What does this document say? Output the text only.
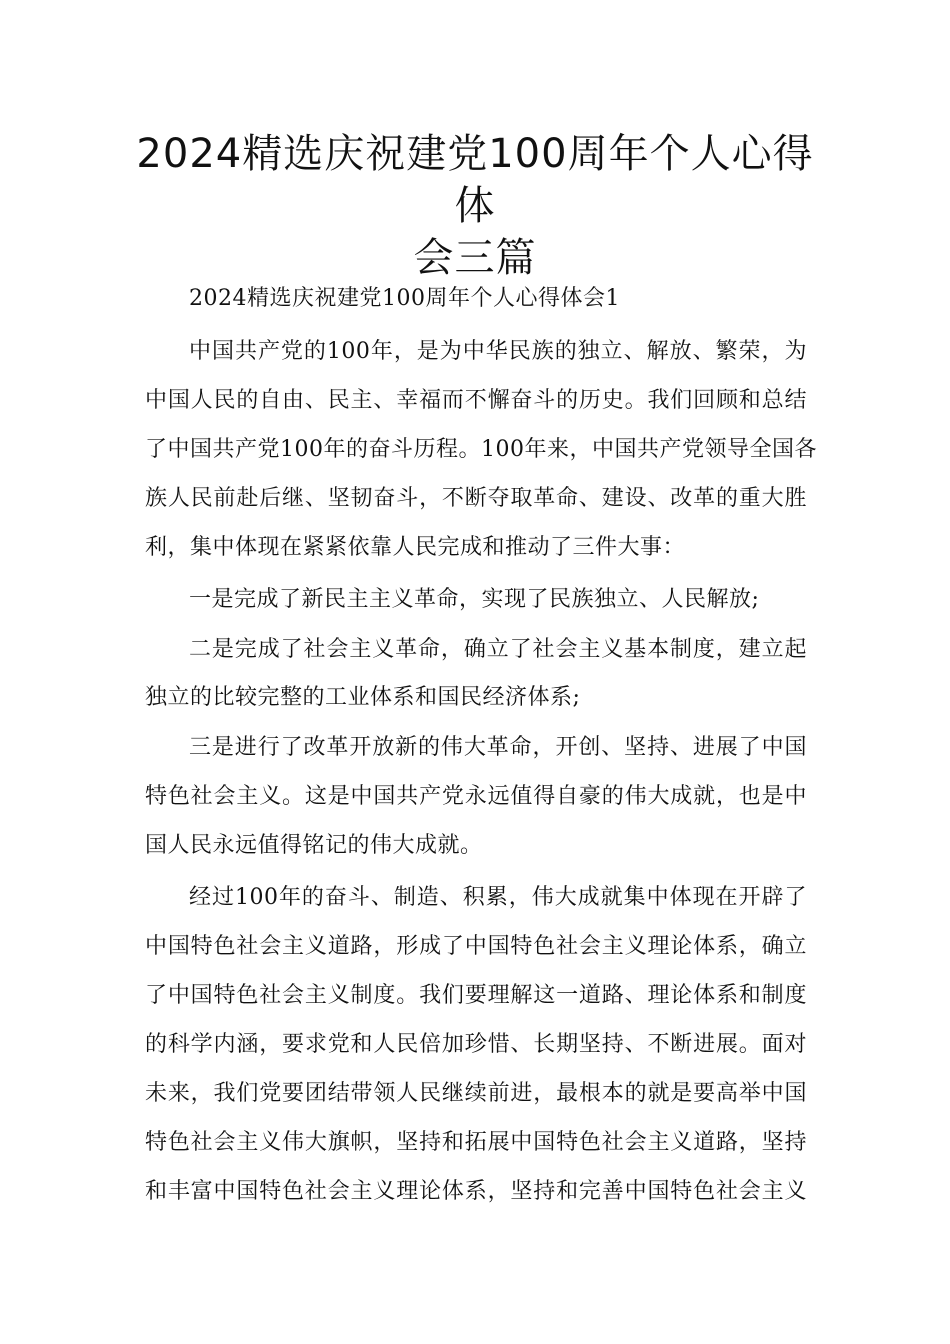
2024精选庆祝建党100周年个人心得体
会三篇
2024精选庆祝建党100周年个人心得体会1
中国共产党的100年，是为中华民族的独立、解放、繁荣，为
中国人民的自由、民主、幸福而不懈奋斗的历史。我们回顾和总结
了中国共产党100年的奋斗历程。100年来，中国共产党领导全国各
族人民前赴后继、坚韧奋斗，不断夺取革命、建设、改革的重大胜
利，集中体现在紧紧依靠人民完成和推动了三件大事：
一是完成了新民主主义革命，实现了民族独立、人民解放;
二是完成了社会主义革命，确立了社会主义基本制度，建立起
独立的比较完整的工业体系和国民经济体系;
三是进行了改革开放新的伟大革命，开创、坚持、进展了中国
特色社会主义。这是中国共产党永远值得自豪的伟大成就，也是中
国人民永远值得铭记的伟大成就。
经过100年的奋斗、制造、积累，伟大成就集中体现在开辟了
中国特色社会主义道路，形成了中国特色社会主义理论体系，确立
了中国特色社会主义制度。我们要理解这一道路、理论体系和制度
的科学内涵，要求党和人民倍加珍惜、长期坚持、不断进展。面对
未来，我们党要团结带领人民继续前进，最根本的就是要高举中国
特色社会主义伟大旗帜，坚持和拓展中国特色社会主义道路，坚持
和丰富中国特色社会主义理论体系，坚持和完善中国特色社会主义
